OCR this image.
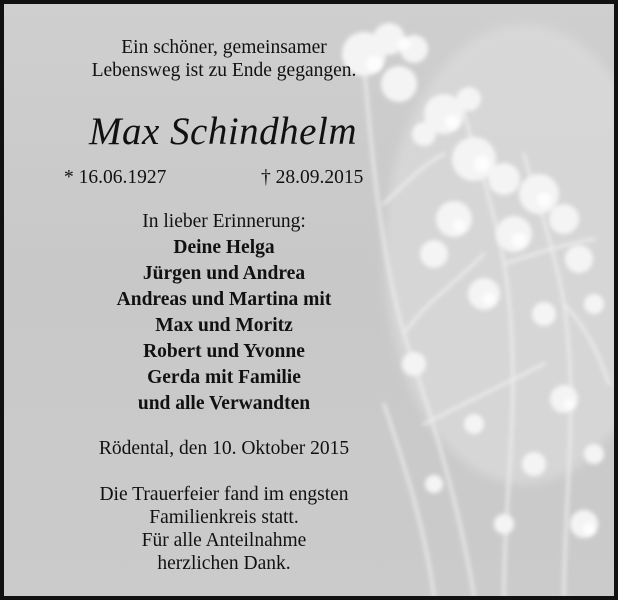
Ein schöner, gemeinsamer
Lebensweg ist zu Ende gegangen.
Max Schindhelm
* 16.06.1927	† 28.09.2015
In lieber Erinnerung:
Deine Helga
Jürgen und Andrea
Andreas und Martina mit
Max und Moritz
Robert und Yvonne
Gerda mit Familie
und alle Verwandten
Rödental, den 10. Oktober 2015
Die Trauerfeier fand im engsten
Familienkreis statt.
Für alle Anteilnahme
herzlichen Dank.
